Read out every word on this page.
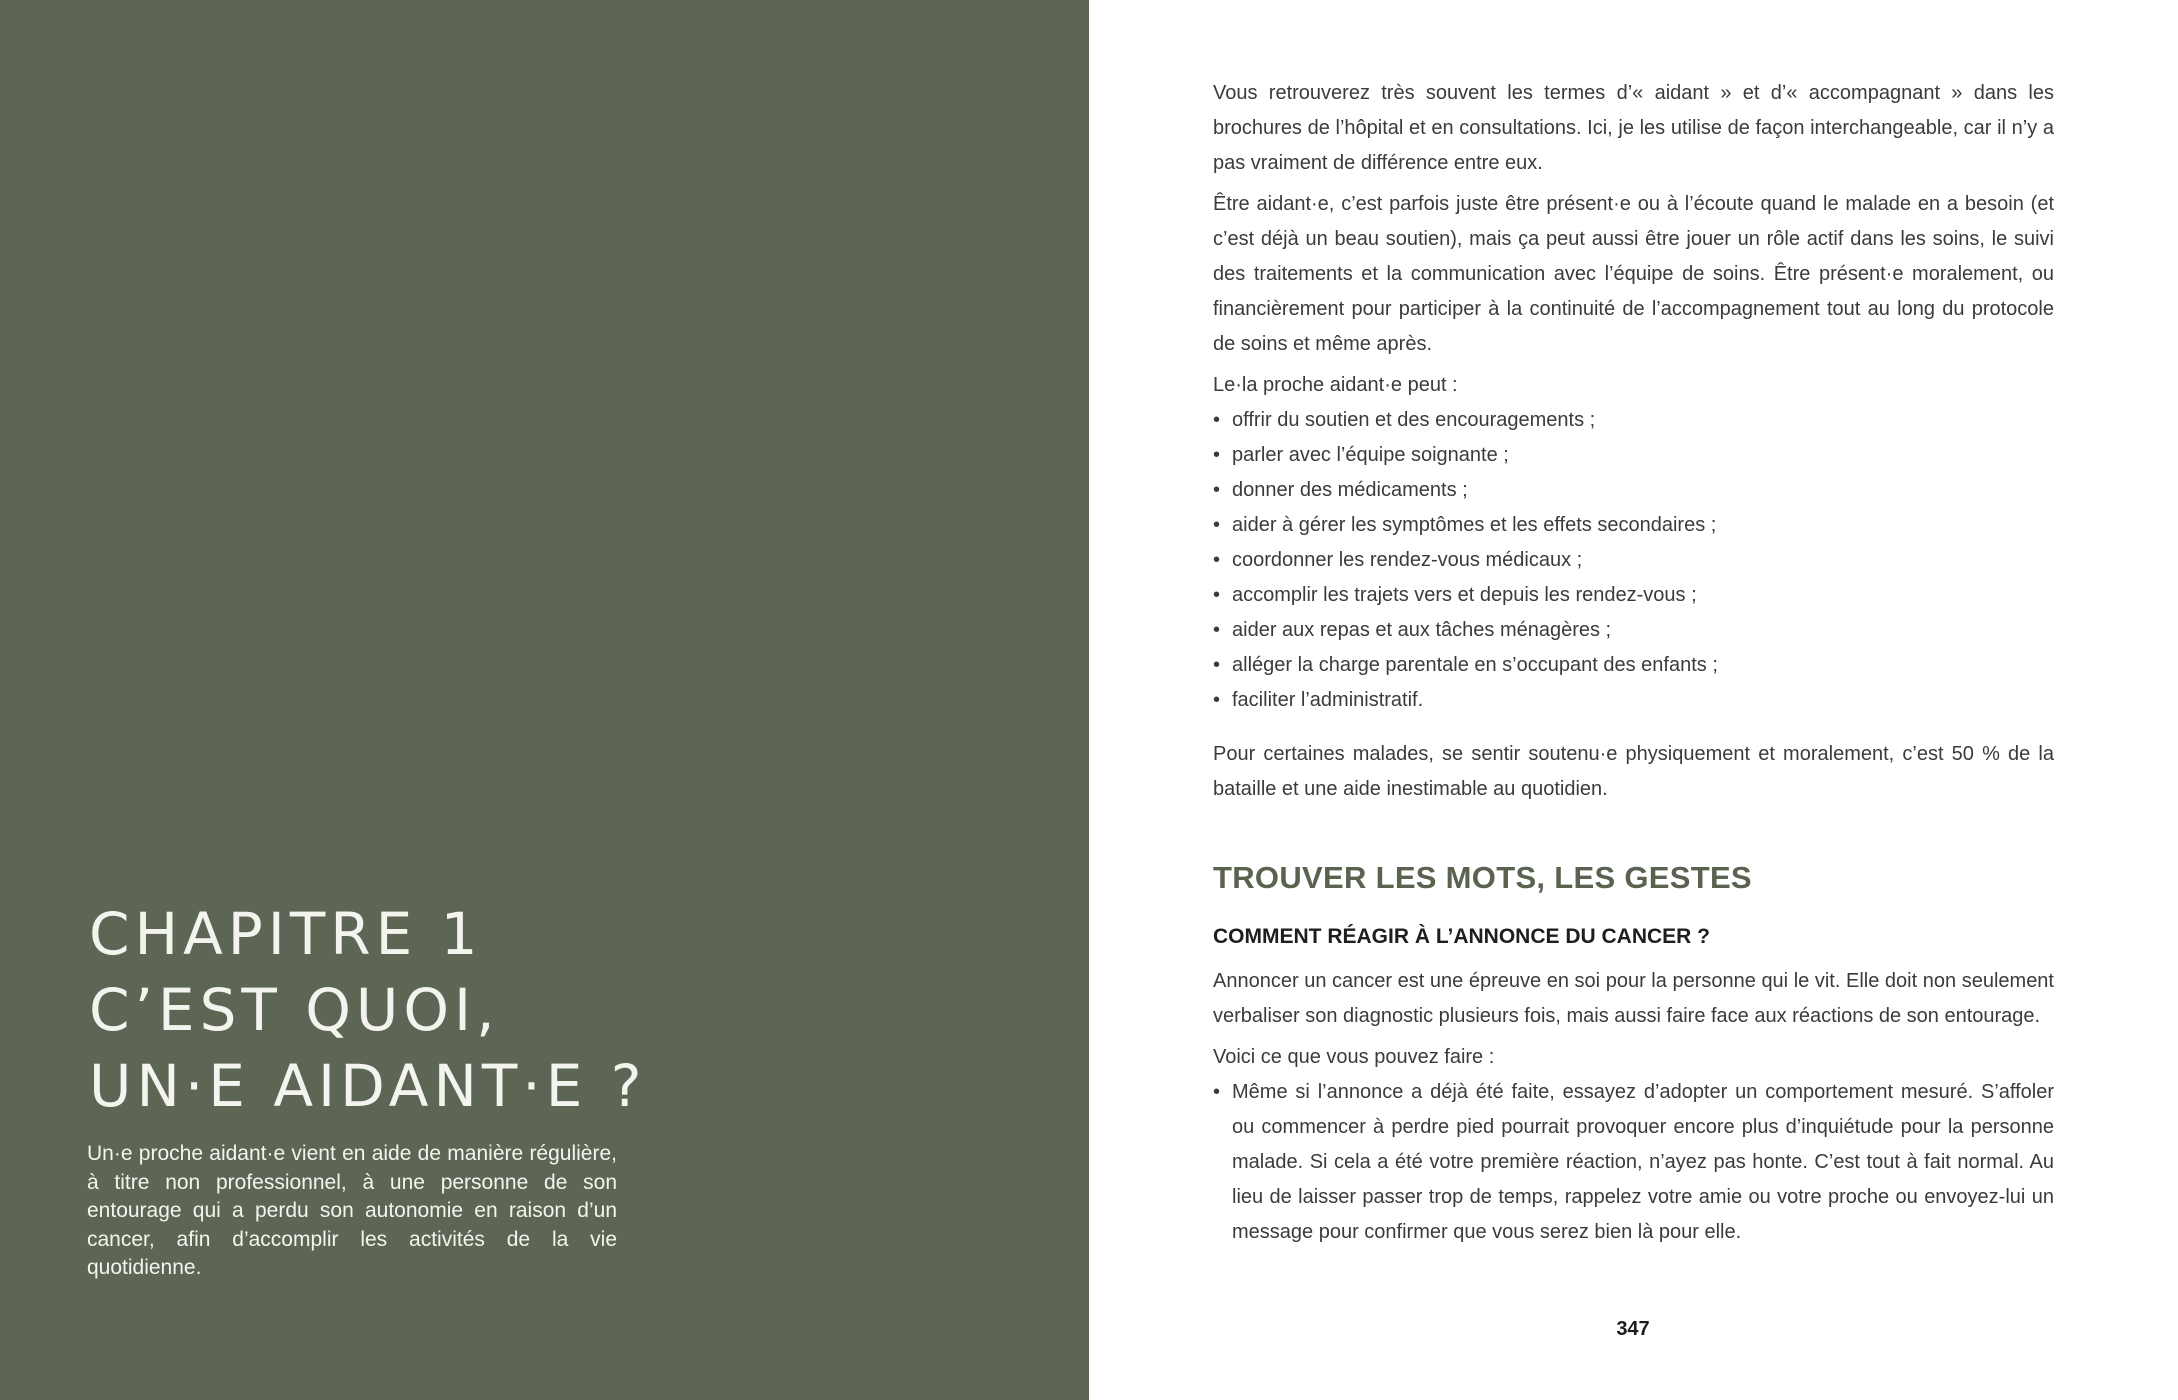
CHAPITRE 1
C’EST QUOI,
UN·E AIDANT·E ?

Un·e proche aidant·e vient en aide de manière régulière, à titre non professionnel, à une personne de son entourage qui a perdu son autonomie en raison d’un cancer, afin d’accomplir les activités de la vie quotidienne.

Vous retrouverez très souvent les termes d’« aidant » et d’« accompagnant » dans les brochures de l’hôpital et en consultations. Ici, je les utilise de façon interchangeable, car il n’y a pas vraiment de différence entre eux.

Être aidant·e, c’est parfois juste être présent·e ou à l’écoute quand le malade en a besoin (et c’est déjà un beau soutien), mais ça peut aussi être jouer un rôle actif dans les soins, le suivi des traitements et la communication avec l’équipe de soins. Être présent·e moralement, ou financièrement pour participer à la continuité de l’accompagnement tout au long du protocole de soins et même après.

Le·la proche aidant·e peut :

• offrir du soutien et des encouragements ;
• parler avec l’équipe soignante ;
• donner des médicaments ;
• aider à gérer les symptômes et les effets secondaires ;
• coordonner les rendez-vous médicaux ;
• accomplir les trajets vers et depuis les rendez-vous ;
• aider aux repas et aux tâches ménagères ;
• alléger la charge parentale en s’occupant des enfants ;
• faciliter l’administratif.

Pour certaines malades, se sentir soutenu·e physiquement et moralement, c’est 50 % de la bataille et une aide inestimable au quotidien.

TROUVER LES MOTS, LES GESTES
COMMENT RÉAGIR À L’ANNONCE DU CANCER ?

Annoncer un cancer est une épreuve en soi pour la personne qui le vit. Elle doit non seulement verbaliser son diagnostic plusieurs fois, mais aussi faire face aux réactions de son entourage.

Voici ce que vous pouvez faire :

• Même si l’annonce a déjà été faite, essayez d’adopter un comportement mesuré. S’affoler ou commencer à perdre pied pourrait provoquer encore plus d’inquiétude pour la personne malade. Si cela a été votre première réaction, n’ayez pas honte. C’est tout à fait normal. Au lieu de laisser passer trop de temps, rappelez votre amie ou votre proche ou envoyez-lui un message pour confirmer que vous serez bien là pour elle.
347
